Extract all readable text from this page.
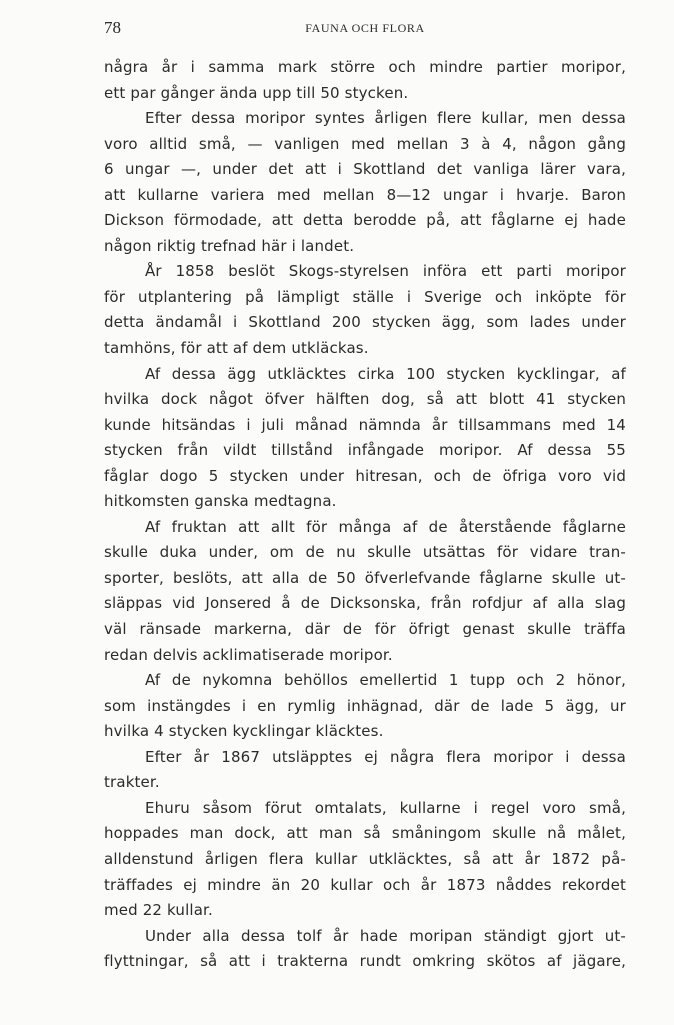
78	FAUNA OCH FLORA
några år i samma mark större och mindre partier moripor,
ett par gånger ända upp till 50 stycken.
Efter dessa moripor syntes årligen flere kullar, men dessa
voro alltid små, — vanligen med mellan 3 à 4, någon gång
6 ungar —, under det att i Skottland det vanliga lärer vara,
att kullarne variera med mellan 8—12 ungar i hvarje. Baron
Dickson förmodade, att detta berodde på, att fåglarne ej hade
någon riktig trefnad här i landet.
År 1858 beslöt Skogs-styrelsen införa ett parti moripor
för utplantering på lämpligt ställe i Sverige och inköpte för
detta ändamål i Skottland 200 stycken ägg, som lades under
tamhöns, för att af dem utkläckas.
Af dessa ägg utkläcktes cirka 100 stycken kycklingar, af
hvilka dock något öfver hälften dog, så att blott 41 stycken
kunde hitsändas i juli månad nämnda år tillsammans med 14
stycken från vildt tillstånd infångade moripor. Af dessa 55
fåglar dogo 5 stycken under hitresan, och de öfriga voro vid
hitkomsten ganska medtagna.
Af fruktan att allt för många af de återstående fåglarne
skulle duka under, om de nu skulle utsättas för vidare tran-
sporter, beslöts, att alla de 50 öfverlefvande fåglarne skulle ut-
släppas vid Jonsered å de Dicksonska, från rofdjur af alla slag
väl ränsade markerna, där de för öfrigt genast skulle träffa
redan delvis acklimatiserade moripor.
Af de nykomna behöllos emellertid 1 tupp och 2 hönor,
som instängdes i en rymlig inhägnad, där de lade 5 ägg, ur
hvilka 4 stycken kycklingar kläcktes.
Efter år 1867 utsläpptes ej några flera moripor i dessa
trakter.
Ehuru såsom förut omtalats, kullarne i regel voro små,
hoppades man dock, att man så småningom skulle nå målet,
alldenstund årligen flera kullar utkläcktes, så att år 1872 på-
träffades ej mindre än 20 kullar och år 1873 nåddes rekordet
med 22 kullar.
Under alla dessa tolf år hade moripan ständigt gjort ut-
flyttningar, så att i trakterna rundt omkring skötos af jägare,
